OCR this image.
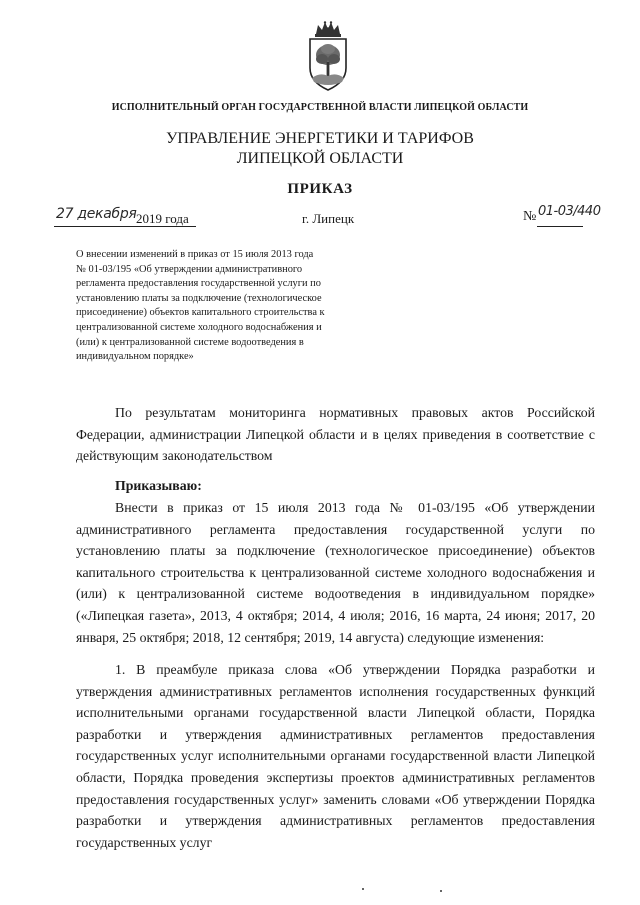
ИСПОЛНИТЕЛЬНЫЙ ОРГАН ГОСУДАРСТВЕННОЙ ВЛАСТИ ЛИПЕЦКОЙ ОБЛАСТИ
УПРАВЛЕНИЕ ЭНЕРГЕТИКИ И ТАРИФОВ
ЛИПЕЦКОЙ ОБЛАСТИ
ПРИКАЗ
27 декабря 2019 года	г. Липецк	№ 01-03/440
О внесении изменений в приказ от 15 июля 2013 года
№ 01-03/195 «Об утверждении административного
регламента предоставления государственной услуги по
установлению платы за подключение (технологическое
присоединение) объектов капитального строительства к
централизованной системе холодного водоснабжения и
(или) к централизованной системе водоотведения в
индивидуальном порядке»
По результатам мониторинга нормативных правовых актов Российской Федерации, администрации Липецкой области и в целях приведения в соответствие с действующим законодательством
Приказываю:
Внести в приказ от 15 июля 2013 года № 01-03/195 «Об утверждении административного регламента предоставления государственной услуги по установлению платы за подключение (технологическое присоединение) объектов капитального строительства к централизованной системе холодного водоснабжения и (или) к централизованной системе водоотведения в индивидуальном порядке» («Липецкая газета», 2013, 4 октября; 2014, 4 июля; 2016, 16 марта, 24 июня; 2017, 20 января, 25 октября; 2018, 12 сентября; 2019, 14 августа) следующие изменения:
1. В преамбуле приказа слова «Об утверждении Порядка разработки и утверждения административных регламентов исполнения государственных функций исполнительными органами государственной власти Липецкой области, Порядка разработки и утверждения административных регламентов предоставления государственных услуг исполнительными органами государственной власти Липецкой области, Порядка проведения экспертизы проектов административных регламентов предоставления государственных услуг» заменить словами «Об утверждении Порядка разработки и утверждения административных регламентов предоставления государственных услуг
